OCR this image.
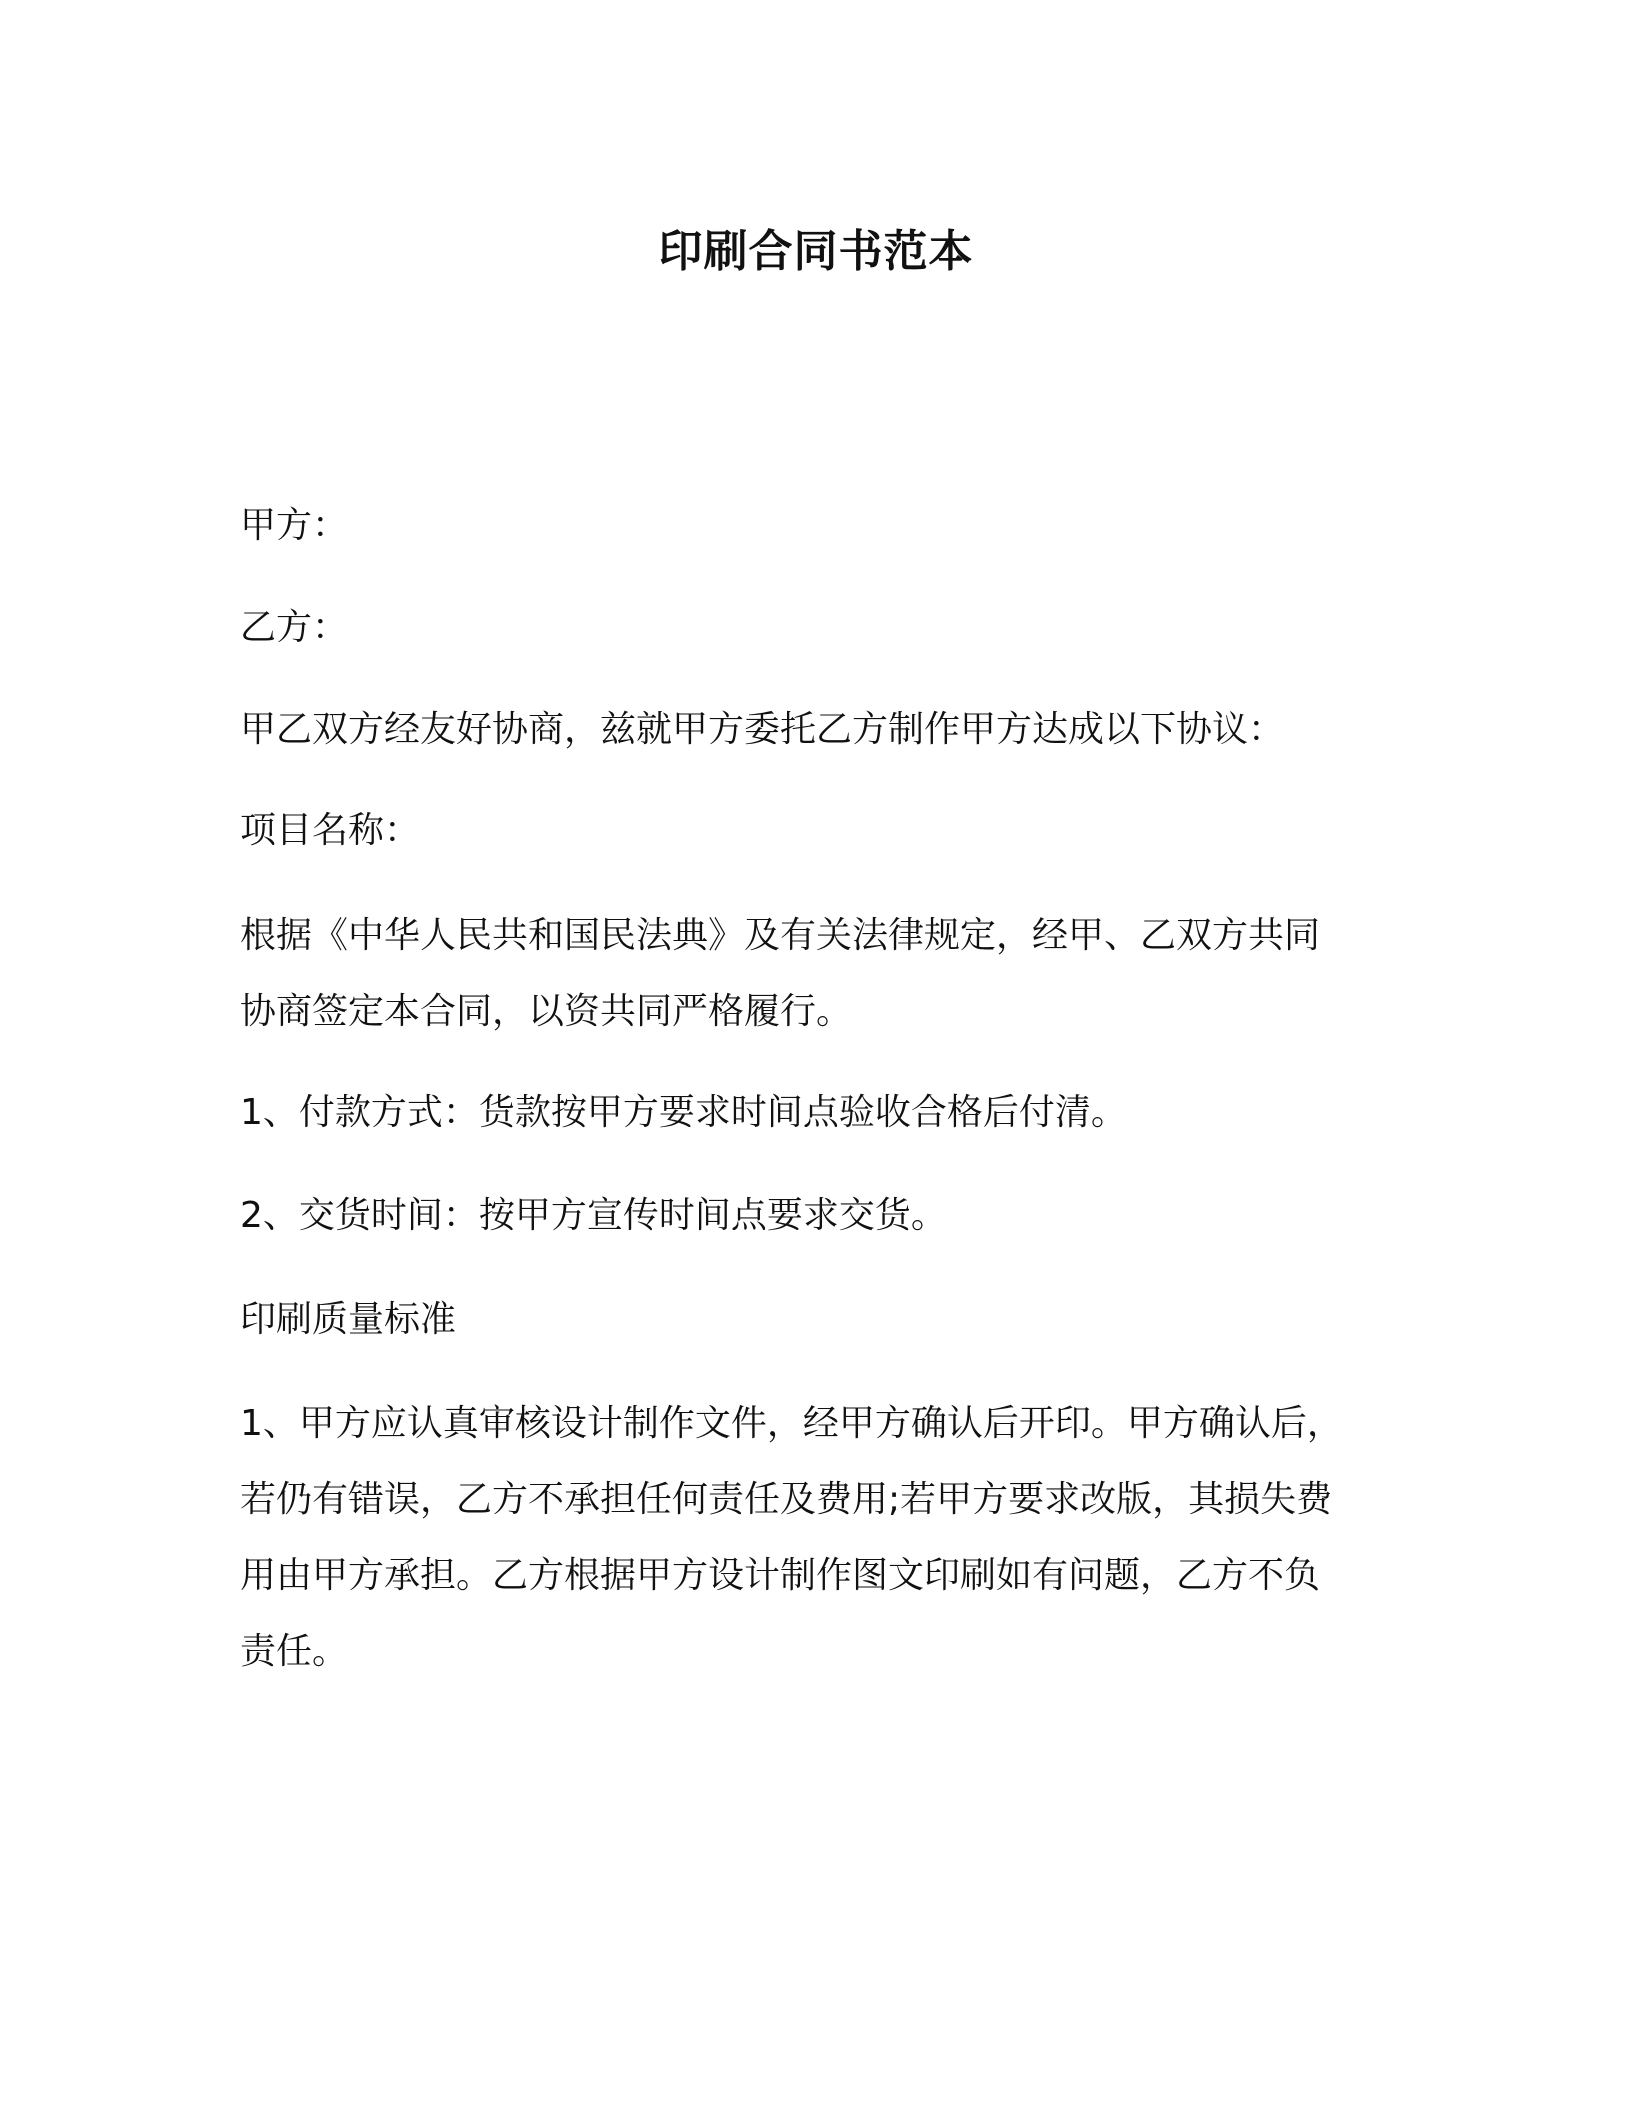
印刷合同书范本
甲方：
乙方：
甲乙双方经友好协商，兹就甲方委托乙方制作甲方达成以下协议：
项目名称：
根据《中华人民共和国民法典》及有关法律规定，经甲、乙双方共同
协商签定本合同，以资共同严格履行。
1、付款方式：货款按甲方要求时间点验收合格后付清。
2、交货时间：按甲方宣传时间点要求交货。
印刷质量标准
1、甲方应认真审核设计制作文件，经甲方确认后开印。甲方确认后，
若仍有错误，乙方不承担任何责任及费用;若甲方要求改版，其损失费
用由甲方承担。乙方根据甲方设计制作图文印刷如有问题，乙方不负
责任。
